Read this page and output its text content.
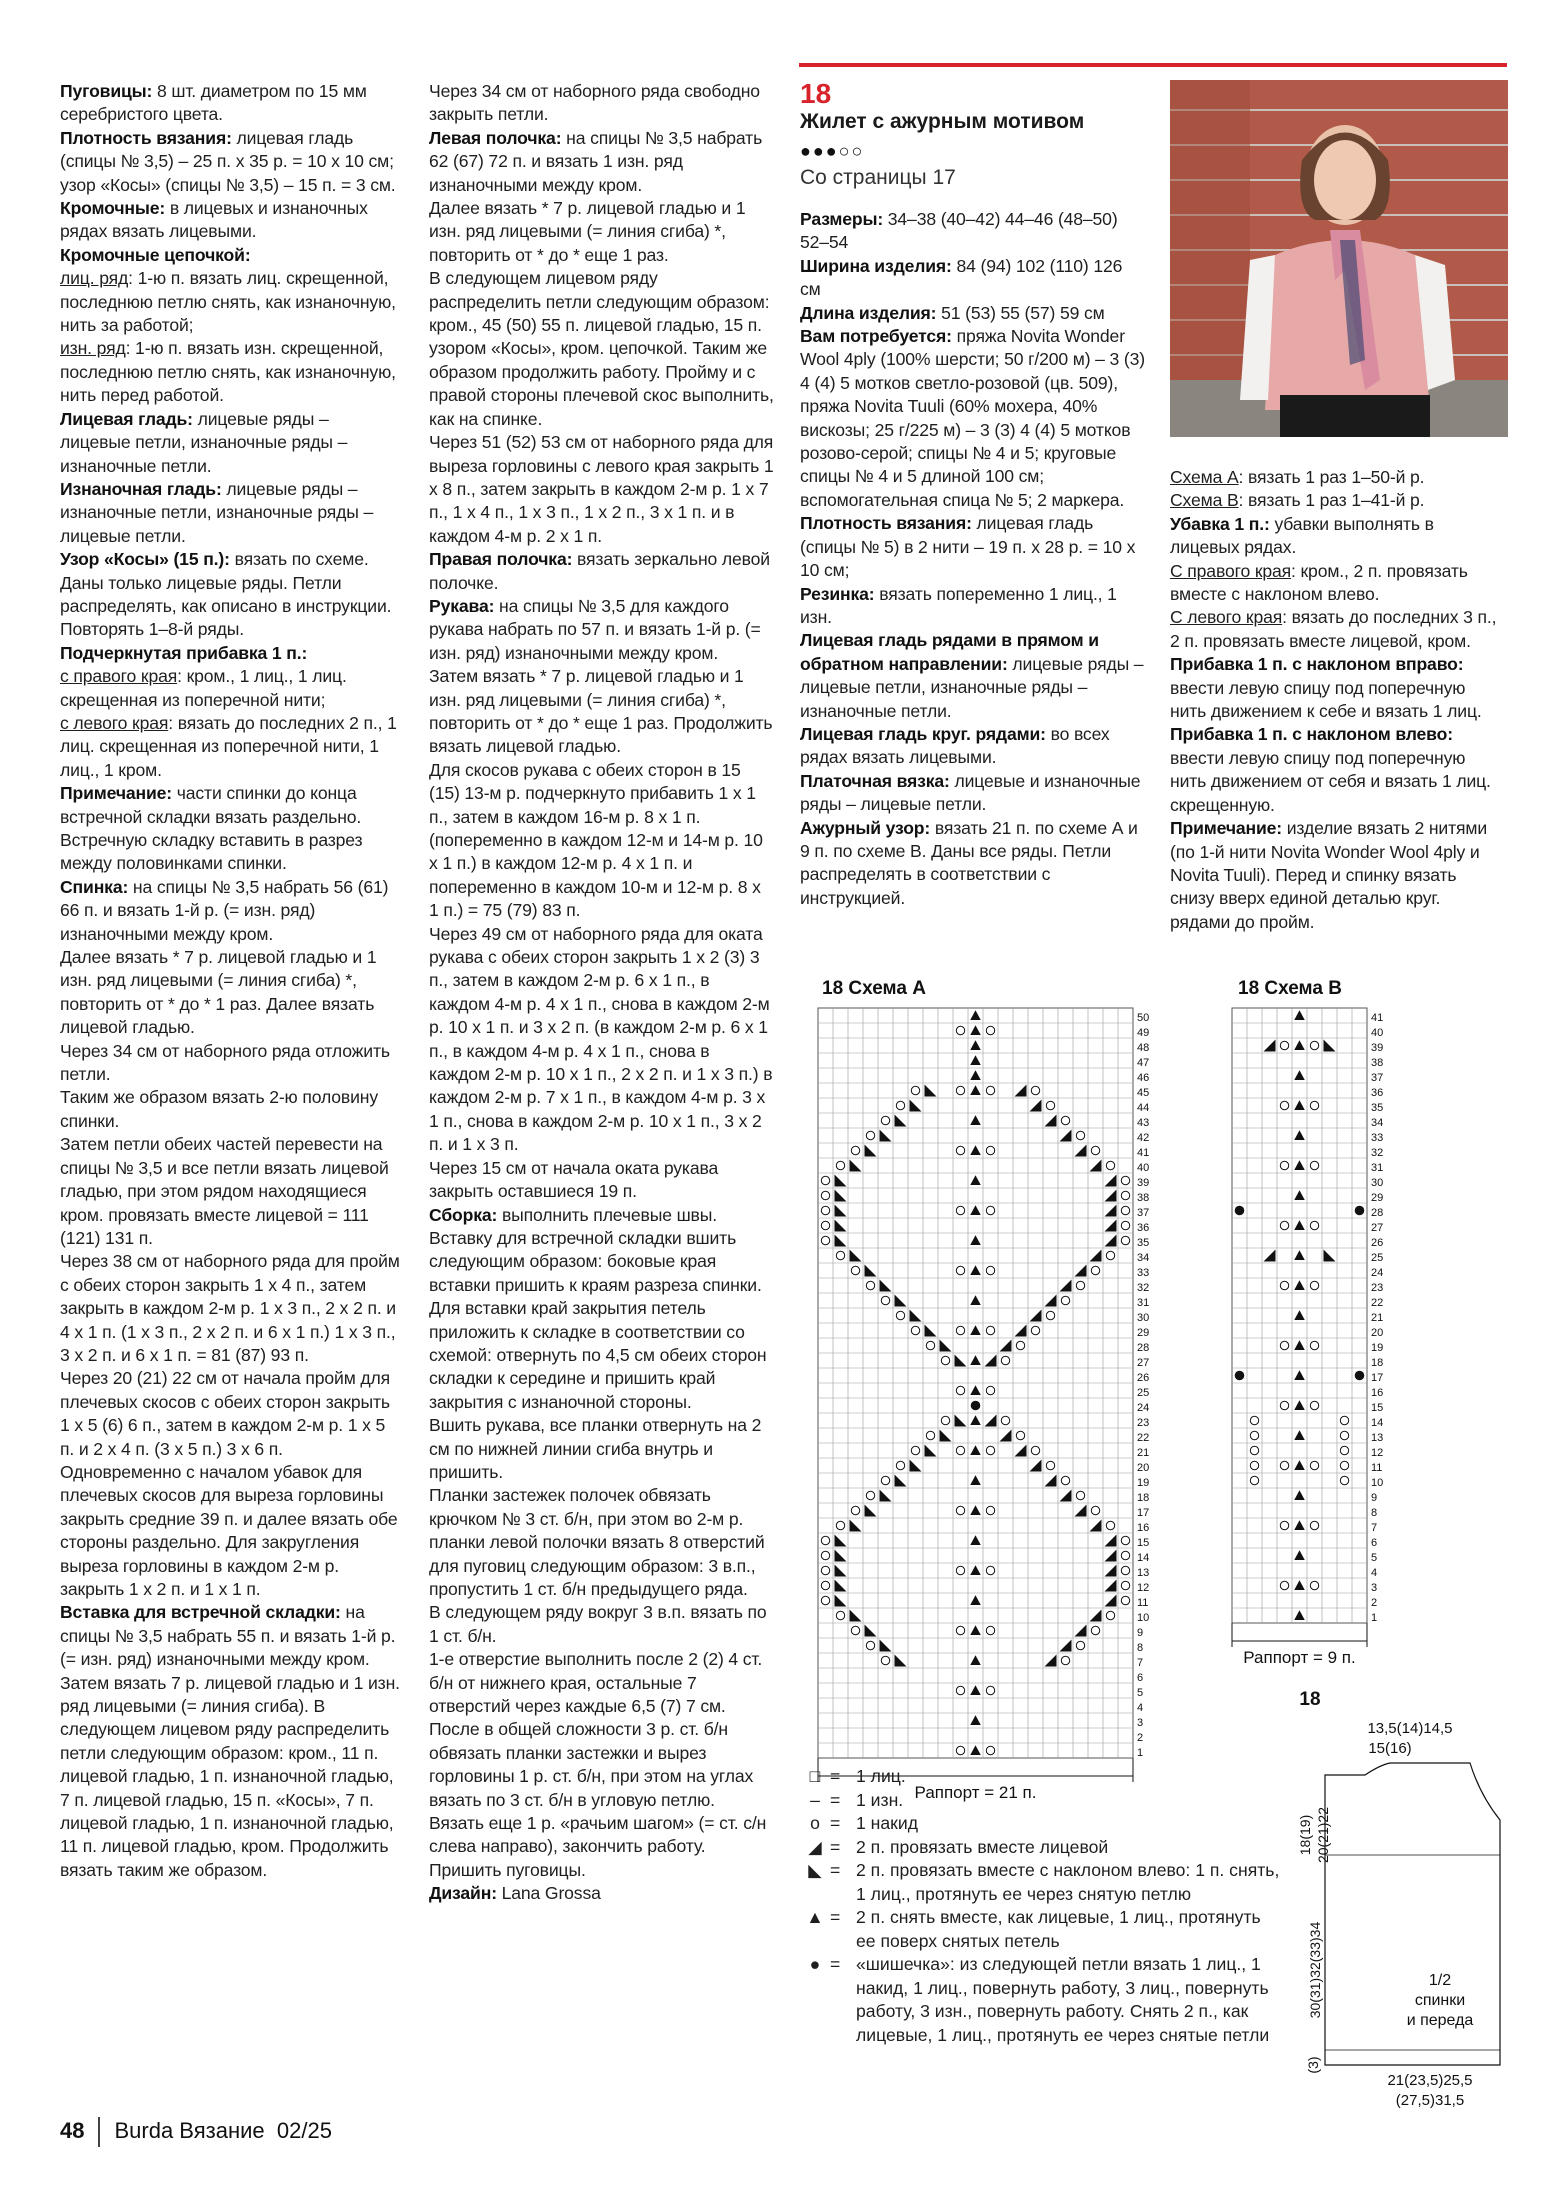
Пуговицы: 8 шт. диаметром по 15 мм серебристого цвета.

Плотность вязания: лицевая гладь (спицы № 3,5) – 25 п. х 35 р. = 10 х 10 см; узор «Косы» (спицы № 3,5) – 15 п. = 3 см.

Кромочные: в лицевых и изнаночных рядах вязать лицевыми.

Кромочные цепочкой:

лиц. ряд: 1-ю п. вязать лиц. скрещенной, последнюю петлю снять, как изнаночную, нить за работой;

изн. ряд: 1-ю п. вязать изн. скрещенной, последнюю петлю снять, как изнаночную, нить перед работой.

Лицевая гладь: лицевые ряды – лицевые петли, изнаночные ряды – изнаночные петли.

Изнаночная гладь: лицевые ряды – изнаночные петли, изнаночные ряды – лицевые петли.

Узор «Косы» (15 п.): вязать по схеме. Даны только лицевые ряды. Петли распределять, как описано в инструкции.

Повторять 1–8-й ряды.

Подчеркнутая прибавка 1 п.:

с правого края: кром., 1 лиц., 1 лиц. скрещенная из поперечной нити;

с левого края: вязать до последних 2 п., 1 лиц. скрещенная из поперечной нити, 1 лиц., 1 кром.

Примечание: части спинки до конца встречной складки вязать раздельно. Встречную складку вставить в разрез между половинками спинки.

Спинка: на спицы № 3,5 набрать 56 (61) 66 п. и вязать 1-й р. (= изн. ряд) изнаночными между кром.

Далее вязать * 7 р. лицевой гладью и 1 изн. ряд лицевыми (= линия сгиба) *, повторить от * до * 1 раз. Далее вязать лицевой гладью.

Через 34 см от наборного ряда отложить петли.

Таким же образом вязать 2-ю половину спинки.

Затем петли обеих частей перевести на спицы № 3,5 и все петли вязать лицевой гладью, при этом рядом находящиеся кром. провязать вместе лицевой = 111 (121) 131 п.

Через 38 см от наборного ряда для пройм с обеих сторон закрыть 1 х 4 п., затем закрыть в каждом 2-м р. 1 х 3 п., 2 х 2 п. и 4 х 1 п. (1 х 3 п., 2 х 2 п. и 6 х 1 п.) 1 х 3 п., 3 х 2 п. и 6 х 1 п. = 81 (87) 93 п.

Через 20 (21) 22 см от начала пройм для плечевых скосов с обеих сторон закрыть 1 х 5 (6) 6 п., затем в каждом 2-м р. 1 х 5 п. и 2 х 4 п. (3 х 5 п.) 3 х 6 п.

Одновременно с началом убавок для плечевых скосов для выреза горловины закрыть средние 39 п. и далее вязать обе стороны раздельно. Для закругления выреза горловины в каждом 2-м р. закрыть 1 х 2 п. и 1 х 1 п.

Вставка для встречной складки: на спицы № 3,5 набрать 55 п. и вязать 1-й р. (= изн. ряд) изнаночными между кром. Затем вязать 7 р. лицевой гладью и 1 изн. ряд лицевыми (= линия сгиба). В следующем лицевом ряду распределить петли следующим образом: кром., 11 п. лицевой гладью, 1 п. изнаночной гладью, 7 п. лицевой гладью, 15 п. «Косы», 7 п. лицевой гладью, 1 п. изнаночной гладью, 11 п. лицевой гладью, кром. Продолжить вязать таким же образом.

Через 34 см от наборного ряда свободно закрыть петли.

Левая полочка: на спицы № 3,5 набрать 62 (67) 72 п. и вязать 1 изн. ряд изнаночными между кром.

Далее вязать * 7 р. лицевой гладью и 1 изн. ряд лицевыми (= линия сгиба) *, повторить от * до * еще 1 раз.

В следующем лицевом ряду распределить петли следующим образом: кром., 45 (50) 55 п. лицевой гладью, 15 п. узором «Косы», кром. цепочкой. Таким же образом продолжить работу. Пройму и с правой стороны плечевой скос выполнить, как на спинке.

Через 51 (52) 53 см от наборного ряда для выреза горловины с левого края закрыть 1 х 8 п., затем закрыть в каждом 2-м р. 1 х 7 п., 1 х 4 п., 1 х 3 п., 1 х 2 п., 3 х 1 п. и в каждом 4-м р. 2 х 1 п.

Правая полочка: вязать зеркально левой полочке.

Рукава: на спицы № 3,5 для каждого рукава набрать по 57 п. и вязать 1-й р. (= изн. ряд) изнаночными между кром.

Затем вязать * 7 р. лицевой гладью и 1 изн. ряд лицевыми (= линия сгиба) *, повторить от * до * еще 1 раз. Продолжить вязать лицевой гладью.

Для скосов рукава с обеих сторон в 15 (15) 13-м р. подчеркнуто прибавить 1 х 1 п., затем в каждом 16-м р. 8 х 1 п. (попеременно в каждом 12-м и 14-м р. 10 х 1 п.) в каждом 12-м р. 4 х 1 п. и попеременно в каждом 10-м и 12-м р. 8 х 1 п.) = 75 (79) 83 п.

Через 49 см от наборного ряда для оката рукава с обеих сторон закрыть 1 х 2 (3) 3 п., затем в каждом 2-м р. 6 х 1 п., в каждом 4-м р. 4 х 1 п., снова в каждом 2-м р. 10 х 1 п. и 3 х 2 п. (в каждом 2-м р. 6 х 1 п., в каждом 4-м р. 4 х 1 п., снова в каждом 2-м р. 10 х 1 п., 2 х 2 п. и 1 х 3 п.) в каждом 2-м р. 7 х 1 п., в каждом 4-м р. 3 х 1 п., снова в каждом 2-м р. 10 х 1 п., 3 х 2 п. и 1 х 3 п.

Через 15 см от начала оката рукава закрыть оставшиеся 19 п.

Сборка: выполнить плечевые швы. Вставку для встречной складки вшить следующим образом: боковые края вставки пришить к краям разреза спинки. Для вставки край закрытия петель приложить к складке в соответствии со схемой: отвернуть по 4,5 см обеих сторон складки к середине и пришить край закрытия с изнаночной стороны.

Вшить рукава, все планки отвернуть на 2 см по нижней линии сгиба внутрь и пришить.

Планки застежек полочек обвязать крючком № 3 ст. б/н, при этом во 2-м р. планки левой полочки вязать 8 отверстий для пуговиц следующим образом: 3 в.п., пропустить 1 ст. б/н предыдущего ряда.

В следующем ряду вокруг 3 в.п. вязать по 1 ст. б/н.

1-е отверстие выполнить после 2 (2) 4 ст. б/н от нижнего края, остальные 7 отверстий через каждые 6,5 (7) 7 см. После в общей сложности 3 р. ст. б/н обвязать планки застежки и вырез горловины 1 р. ст. б/н, при этом на углах вязать по 3 ст. б/н в угловую петлю.

Вязать еще 1 р. «рачьим шагом» (= ст. с/н слева направо), закончить работу.

Пришить пуговицы.

Дизайн: Lana Grossa

18
Жилет с ажурным мотивом
●●●○○
Со страницы 17

Размеры: 34–38 (40–42) 44–46 (48–50) 52–54

Ширина изделия: 84 (94) 102 (110) 126 см

Длина изделия: 51 (53) 55 (57) 59 см

Вам потребуется: пряжа Novita Wonder Wool 4ply (100% шерсти; 50 г/200 м) – 3 (3) 4 (4) 5 мотков светло-розовой (цв. 509), пряжа Novita Tuuli (60% мохера, 40% вискозы; 25 г/225 м) – 3 (3) 4 (4) 5 мотков розово-серой; спицы № 4 и 5; круговые спицы № 4 и 5 длиной 100 см; вспомогательная спица № 5; 2 маркера.

Плотность вязания: лицевая гладь (спицы № 5) в 2 нити – 19 п. х 28 р. = 10 х 10 см;

Резинка: вязать попеременно 1 лиц., 1 изн.

Лицевая гладь рядами в прямом и обратном направлении: лицевые ряды – лицевые петли, изнаночные ряды – изнаночные петли.

Лицевая гладь круг. рядами: во всех рядах вязать лицевыми.

Платочная вязка: лицевые и изнаночные ряды – лицевые петли.

Ажурный узор: вязать 21 п. по схеме А и 9 п. по схеме В. Даны все ряды. Петли распределять в соответствии с инструкцией.

Схема А: вязать 1 раз 1–50-й р.

Схема В: вязать 1 раз 1–41-й р.

Убавка 1 п.: убавки выполнять в лицевых рядах.

С правого края: кром., 2 п. провязать вместе с наклоном влево.

С левого края: вязать до последних 3 п., 2 п. провязать вместе лицевой, кром.

Прибавка 1 п. с наклоном вправо: ввести левую спицу под поперечную нить движением к себе и вязать 1 лиц.

Прибавка 1 п. с наклоном влево: ввести левую спицу под поперечную нить движением от себя и вязать 1 лиц. скрещенную.

Примечание: изделие вязать 2 нитями (по 1-й нити Novita Wonder Wool 4ply и Novita Tuuli). Перед и спинку вязать снизу вверх единой деталью круг. рядами до пройм.

18 Схема А
1
2
3
4
5
6
7
8
9
10
11
12
13
14
15
16
17
18
19
20
21
22
23
24
25
26
27
28
29
30
31
32
33
34
35
36
37
38
39
40
41
42
43
44
45
46
47
48
49
50
Раппорт = 21 п.
18 Схема В
1
2
3
4
5
6
7
8
9
10
11
12
13
14
15
16
17
18
19
20
21
22
23
24
25
26
27
28
29
30
31
32
33
34
35
36
37
38
39
40
41
Раппорт = 9 п.
□ = 1 лиц.
– = 1 изн.
o = 1 накид
◢ = 2 п. провязать вместе лицевой
◣ = 2 п. провязать вместе с наклоном влево: 1 п. снять, 1 лиц., протянуть ее через снятую петлю
▲ = 2 п. снять вместе, как лицевые, 1 лиц., протянуть ее поверх снятых петель
● = «шишечка»: из следующей петли вязать 1 лиц., 1 накид, 1 лиц., повернуть работу, 3 лиц., повернуть работу, 3 изн., повернуть работу. Снять 2 п., как лицевые, 1 лиц., протянуть ее через снятые петли
18
13,5(14)14,5
15(16)
18(19) 20(21)22
30(31)32(33)34
(3)
1/2
спинки
и переда
21(23,5)25,5
(27,5)31,5
48 Burda Вязание 02/25
